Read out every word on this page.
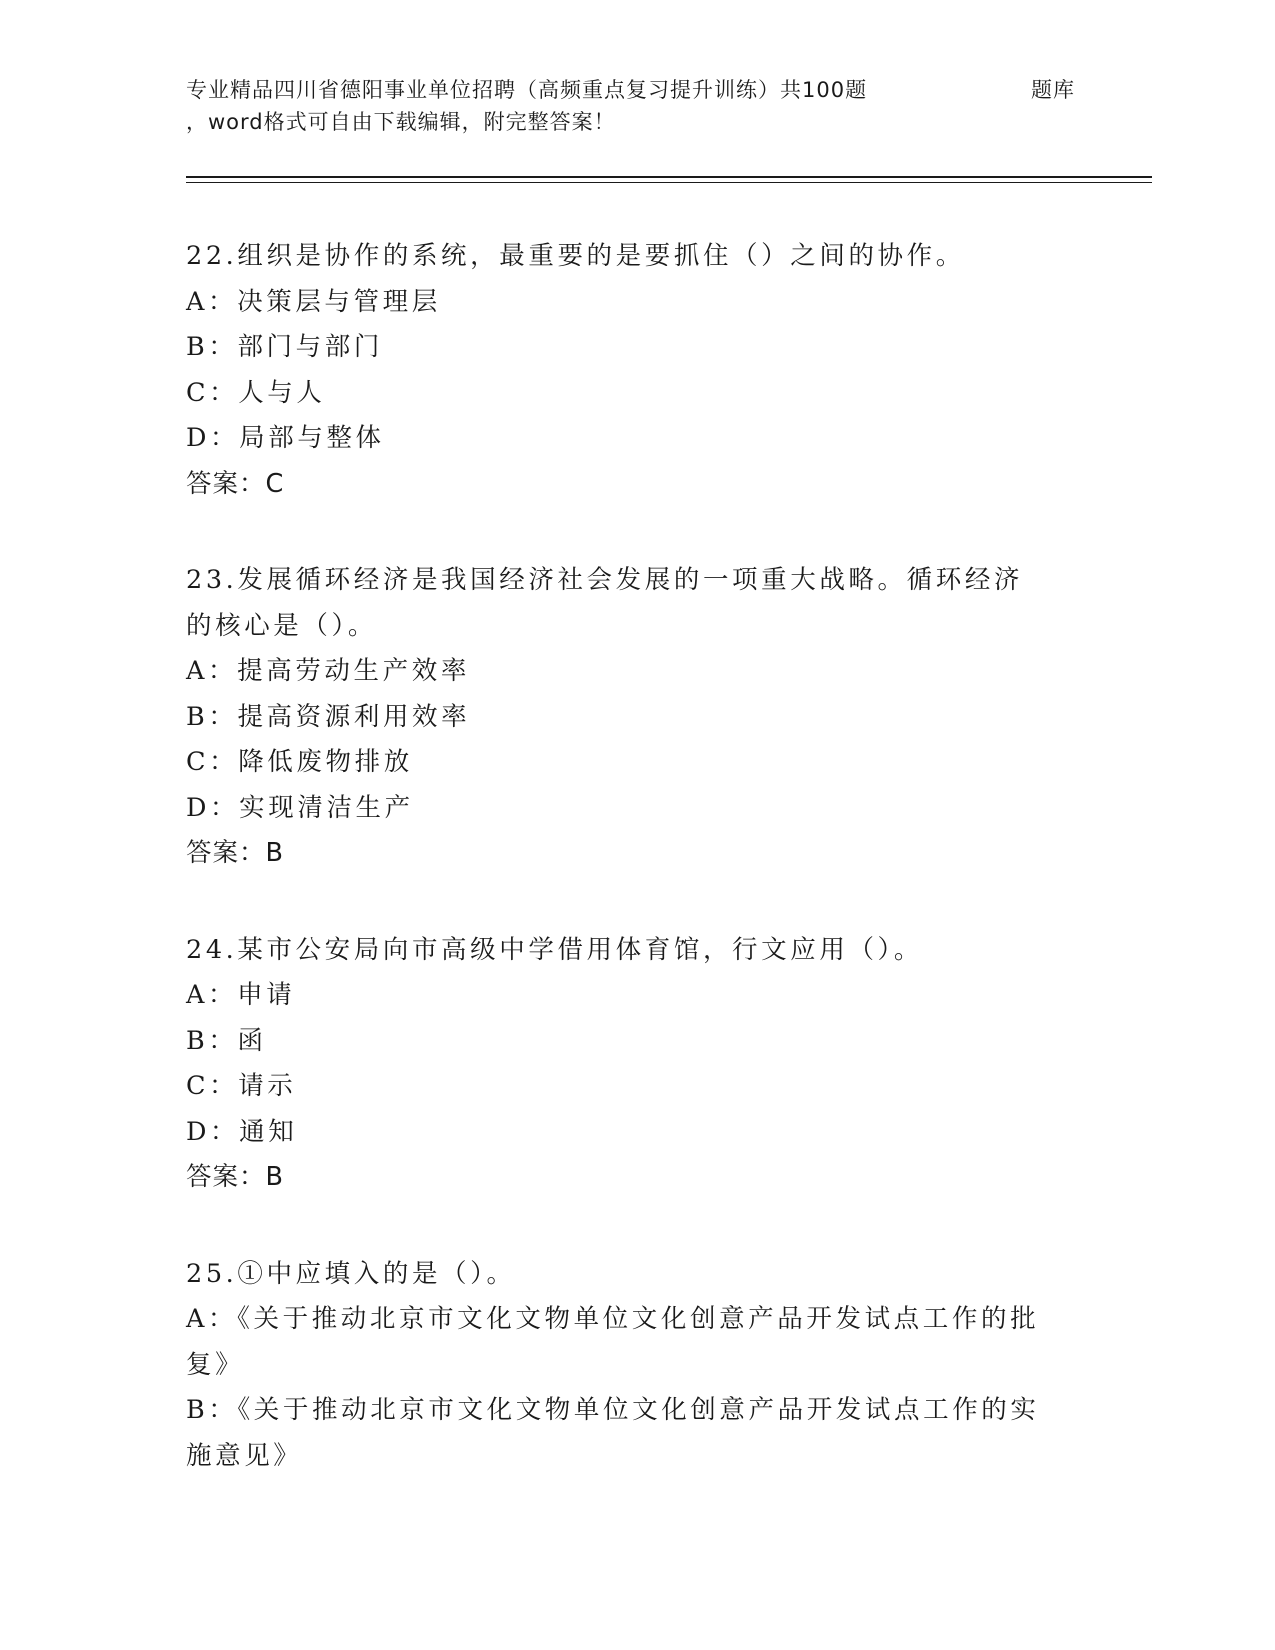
专业精品四川省德阳事业单位招聘（高频重点复习提升训练）共100题	题库
，word格式可自由下载编辑，附完整答案！
22.组织是协作的系统，最重要的是要抓住（）之间的协作。
A：决策层与管理层
B：部门与部门
C：人与人
D：局部与整体
答案：C
23.发展循环经济是我国经济社会发展的一项重大战略。循环经济的核心是（）。
A：提高劳动生产效率
B：提高资源利用效率
C：降低废物排放
D：实现清洁生产
答案：B
24.某市公安局向市高级中学借用体育馆，行文应用（）。
A：申请
B：函
C：请示
D：通知
答案：B
25.①中应填入的是（）。
A：《关于推动北京市文化文物单位文化创意产品开发试点工作的批复》
B：《关于推动北京市文化文物单位文化创意产品开发试点工作的实施意见》
